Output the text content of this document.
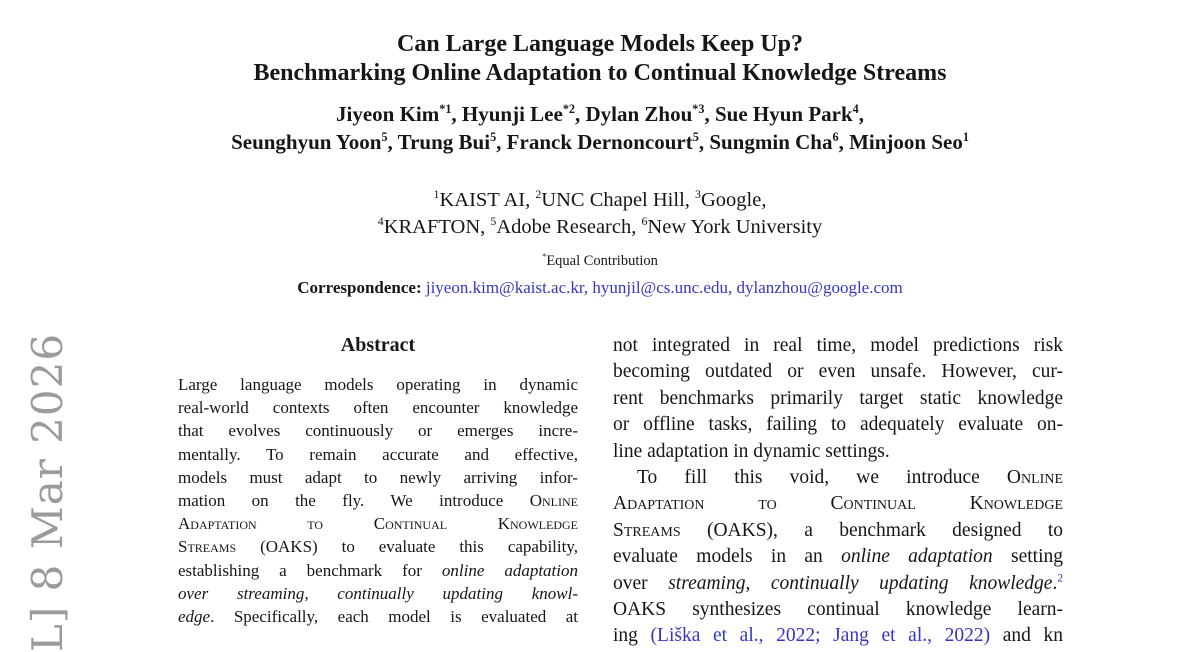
L] 8 Mar 2026
Can Large Language Models Keep Up?
Benchmarking Online Adaptation to Continual Knowledge Streams
Jiyeon Kim$^{*1}$, Hyunji Lee$^{*2}$, Dylan Zhou$^{*3}$, Sue Hyun Park$^4$,
Seunghyun Yoon$^5$, Trung Bui$^5$, Franck Dernoncourt$^5$, Sungmin Cha$^6$, Minjoon Seo$^1$
$^1$KAIST AI, $^2$UNC Chapel Hill, $^3$Google,
$^4$KRAFTON, $^5$Adobe Research, $^6$New York University
*Equal Contribution
Correspondence: jiyeon.kim@kaist.ac.kr, hyunjil@cs.unc.edu, dylanzhou@google.com
Abstract
Large language models operating in dynamic
real-world contexts often encounter knowledge
that evolves continuously or emerges incre-
mentally. To remain accurate and effective,
models must adapt to newly arriving infor-
mation on the fly. We introduce Online
Adaptation to Continual Knowledge
Streams (OAKS) to evaluate this capability,
establishing a benchmark for online adaptation
over streaming, continually updating knowl-
edge. Specifically, each model is evaluated at
not integrated in real time, model predictions risk
becoming outdated or even unsafe. However, cur-
rent benchmarks primarily target static knowledge
or offline tasks, failing to adequately evaluate on-
line adaptation in dynamic settings.
To fill this void, we introduce Online
Adaptation to Continual Knowledge
Streams (OAKS), a benchmark designed to
evaluate models in an online adaptation setting
over streaming, continually updating knowledge.$^2$
OAKS synthesizes continual knowledge learn-
ing (Liška et al., 2022; Jang et al., 2022) and kn
